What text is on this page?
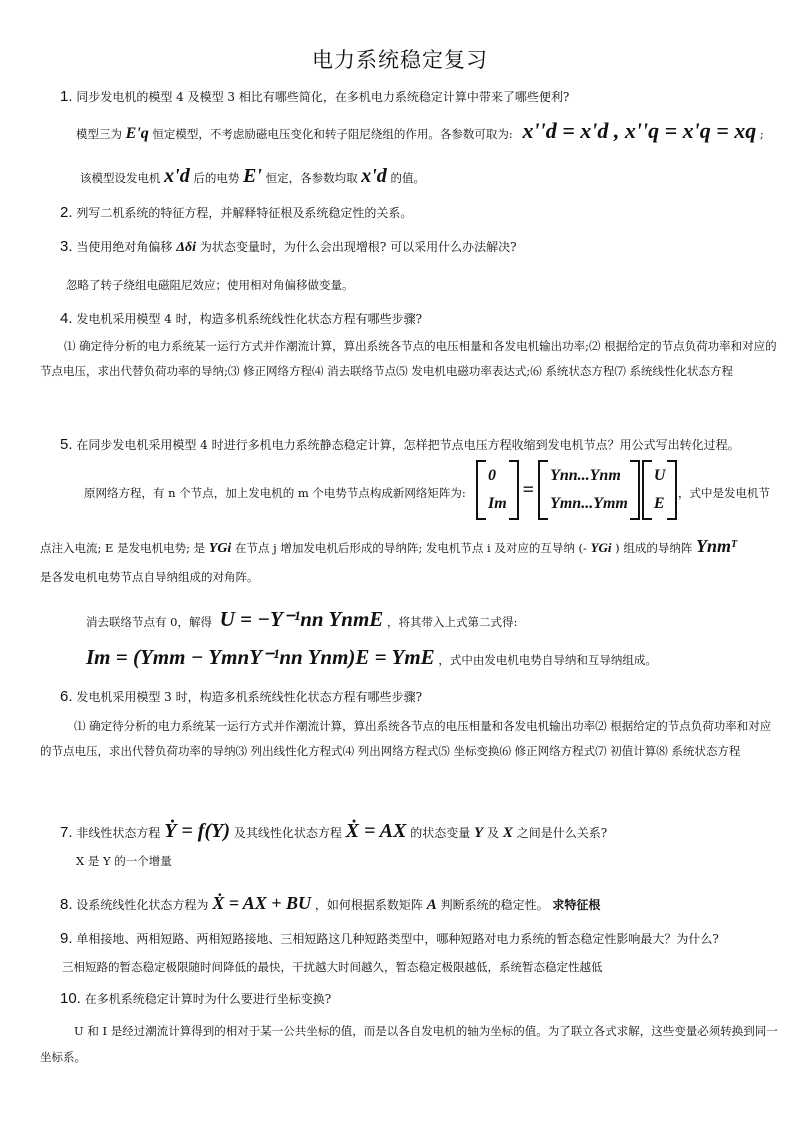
电力系统稳定复习
1. 同步发电机的模型 4 及模型 3 相比有哪些简化，在多机电力系统稳定计算中带来了哪些便利?
模型三为 E'q 恒定模型，不考虑励磁电压变化和转子阻尼绕组的作用。各参数可取为: x''d = x'd , x''q = x'q = xq ;
该模型设发电机 x'd 后的电势 E' 恒定，各参数均取 x'd 的值。
2. 列写二机系统的特征方程，并解释特征根及系统稳定性的关系。
3. 当使用绝对角偏移 Δδi 为状态变量时，为什么会出现增根? 可以采用什么办法解决?
忽略了转子绕组电磁阻尼效应；使用相对角偏移做变量。
4. 发电机采用模型 4 时，构造多机系统线性化状态方程有哪些步骤?
⑴ 确定待分析的电力系统某一运行方式并作潮流计算，算出系统各节点的电压相量和各发电机输出功率;⑵ 根据给定的节点负荷功率和对应的节点电压，求出代替负荷功率的导纳;⑶ 修正网络方程⑷ 消去联络节点⑸ 发电机电磁功率表达式;⑹ 系统状态方程⑺ 系统线性化状态方程
5. 在同步发电机采用模型 4 时进行多机电力系统静态稳定计算，怎样把节点电压方程收缩到发电机节点？用公式写出转化过程。
原网络方程，有 n 个节点，加上发电机的 m 个电势节点构成新网络矩阵为:
0
Im
=
Ynn...Ynm
Ymn...Ymm
U
E
，式中是发电机节
点注入电流; E 是发电机电势; 是 YGi 在节点 j 增加发电机后形成的导纳阵; 发电机节点 i 及对应的互导纳 (- YGi ) 组成的导纳阵 YnmT
是各发电机电势节点自导纳组成的对角阵。
消去联络节点有 0，解得 U = −Y⁻¹nn YnmE ，将其带入上式第二式得:
Im = (Ymm − YmnY⁻¹nn Ynm)E = YmE ，式中由发电机电势自导纳和互导纳组成。
6. 发电机采用模型 3 时，构造多机系统线性化状态方程有哪些步骤?
⑴ 确定待分析的电力系统某一运行方式并作潮流计算，算出系统各节点的电压相量和各发电机输出功率⑵ 根据给定的节点负荷功率和对应的节点电压，求出代替负荷功率的导纳⑶ 列出线性化方程式⑷ 列出网络方程式⑸ 坐标变换⑹ 修正网络方程式⑺ 初值计算⑻ 系统状态方程
7. 非线性状态方程 Ẏ = f(Y) 及其线性化状态方程 Ẋ = AX 的状态变量 Y 及 X 之间是什么关系?
X 是 Y 的一个增量
8. 设系统线性化状态方程为 Ẋ = AX + BU ，如何根据系数矩阵 A 判断系统的稳定性。 求特征根
9. 单相接地、两相短路、两相短路接地、三相短路这几种短路类型中，哪种短路对电力系统的暂态稳定性影响最大？为什么?
三相短路的暂态稳定极限随时间降低的最快，干扰越大时间越久，暂态稳定极限越低，系统暂态稳定性越低
10. 在多机系统稳定计算时为什么要进行坐标变换?
U 和 I 是经过潮流计算得到的相对于某一公共坐标的值，而是以各自发电机的轴为坐标的值。为了联立各式求解，这些变量必须转换到同一坐标系。
